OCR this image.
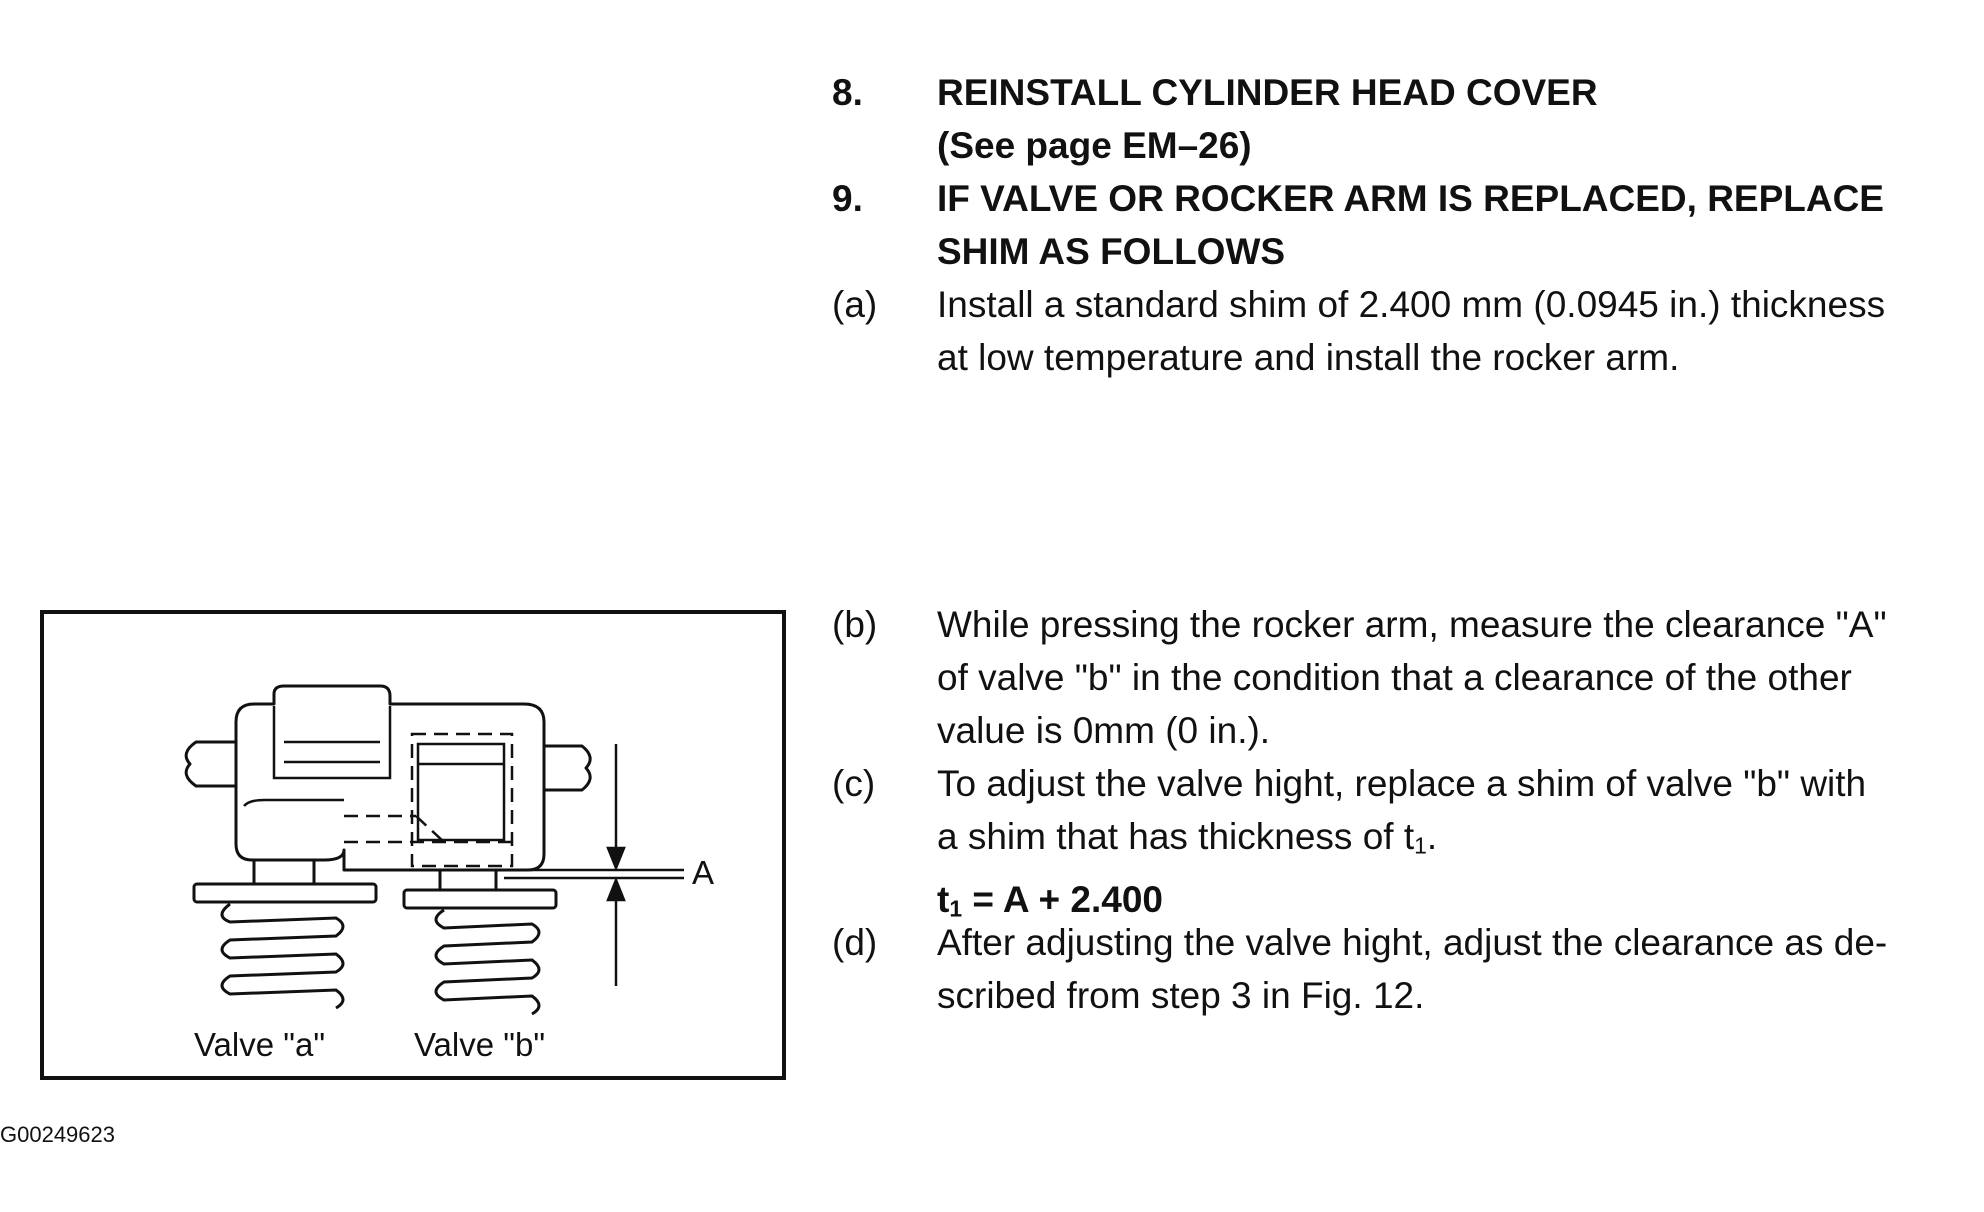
8. REINSTALL CYLINDER HEAD COVER
(See page EM–26)
9. IF VALVE OR ROCKER ARM IS REPLACED, REPLACE
SHIM AS FOLLOWS
(a) Install a standard shim of 2.400 mm (0.0945 in.) thickness
at low temperature and install the rocker arm.
(b) While pressing the rocker arm, measure the clearance "A"
of valve "b" in the condition that a clearance of the other
value is 0mm (0 in.).
(c) To adjust the valve hight, replace a shim of valve "b" with
a shim that has thickness of $t_1$.
$t_1 = A + 2.400$
(d) After adjusting the valve hight, adjust the clearance as de-
scribed from step 3 in Fig. 12.
A
Valve "a"	Valve "b"
G00249623
